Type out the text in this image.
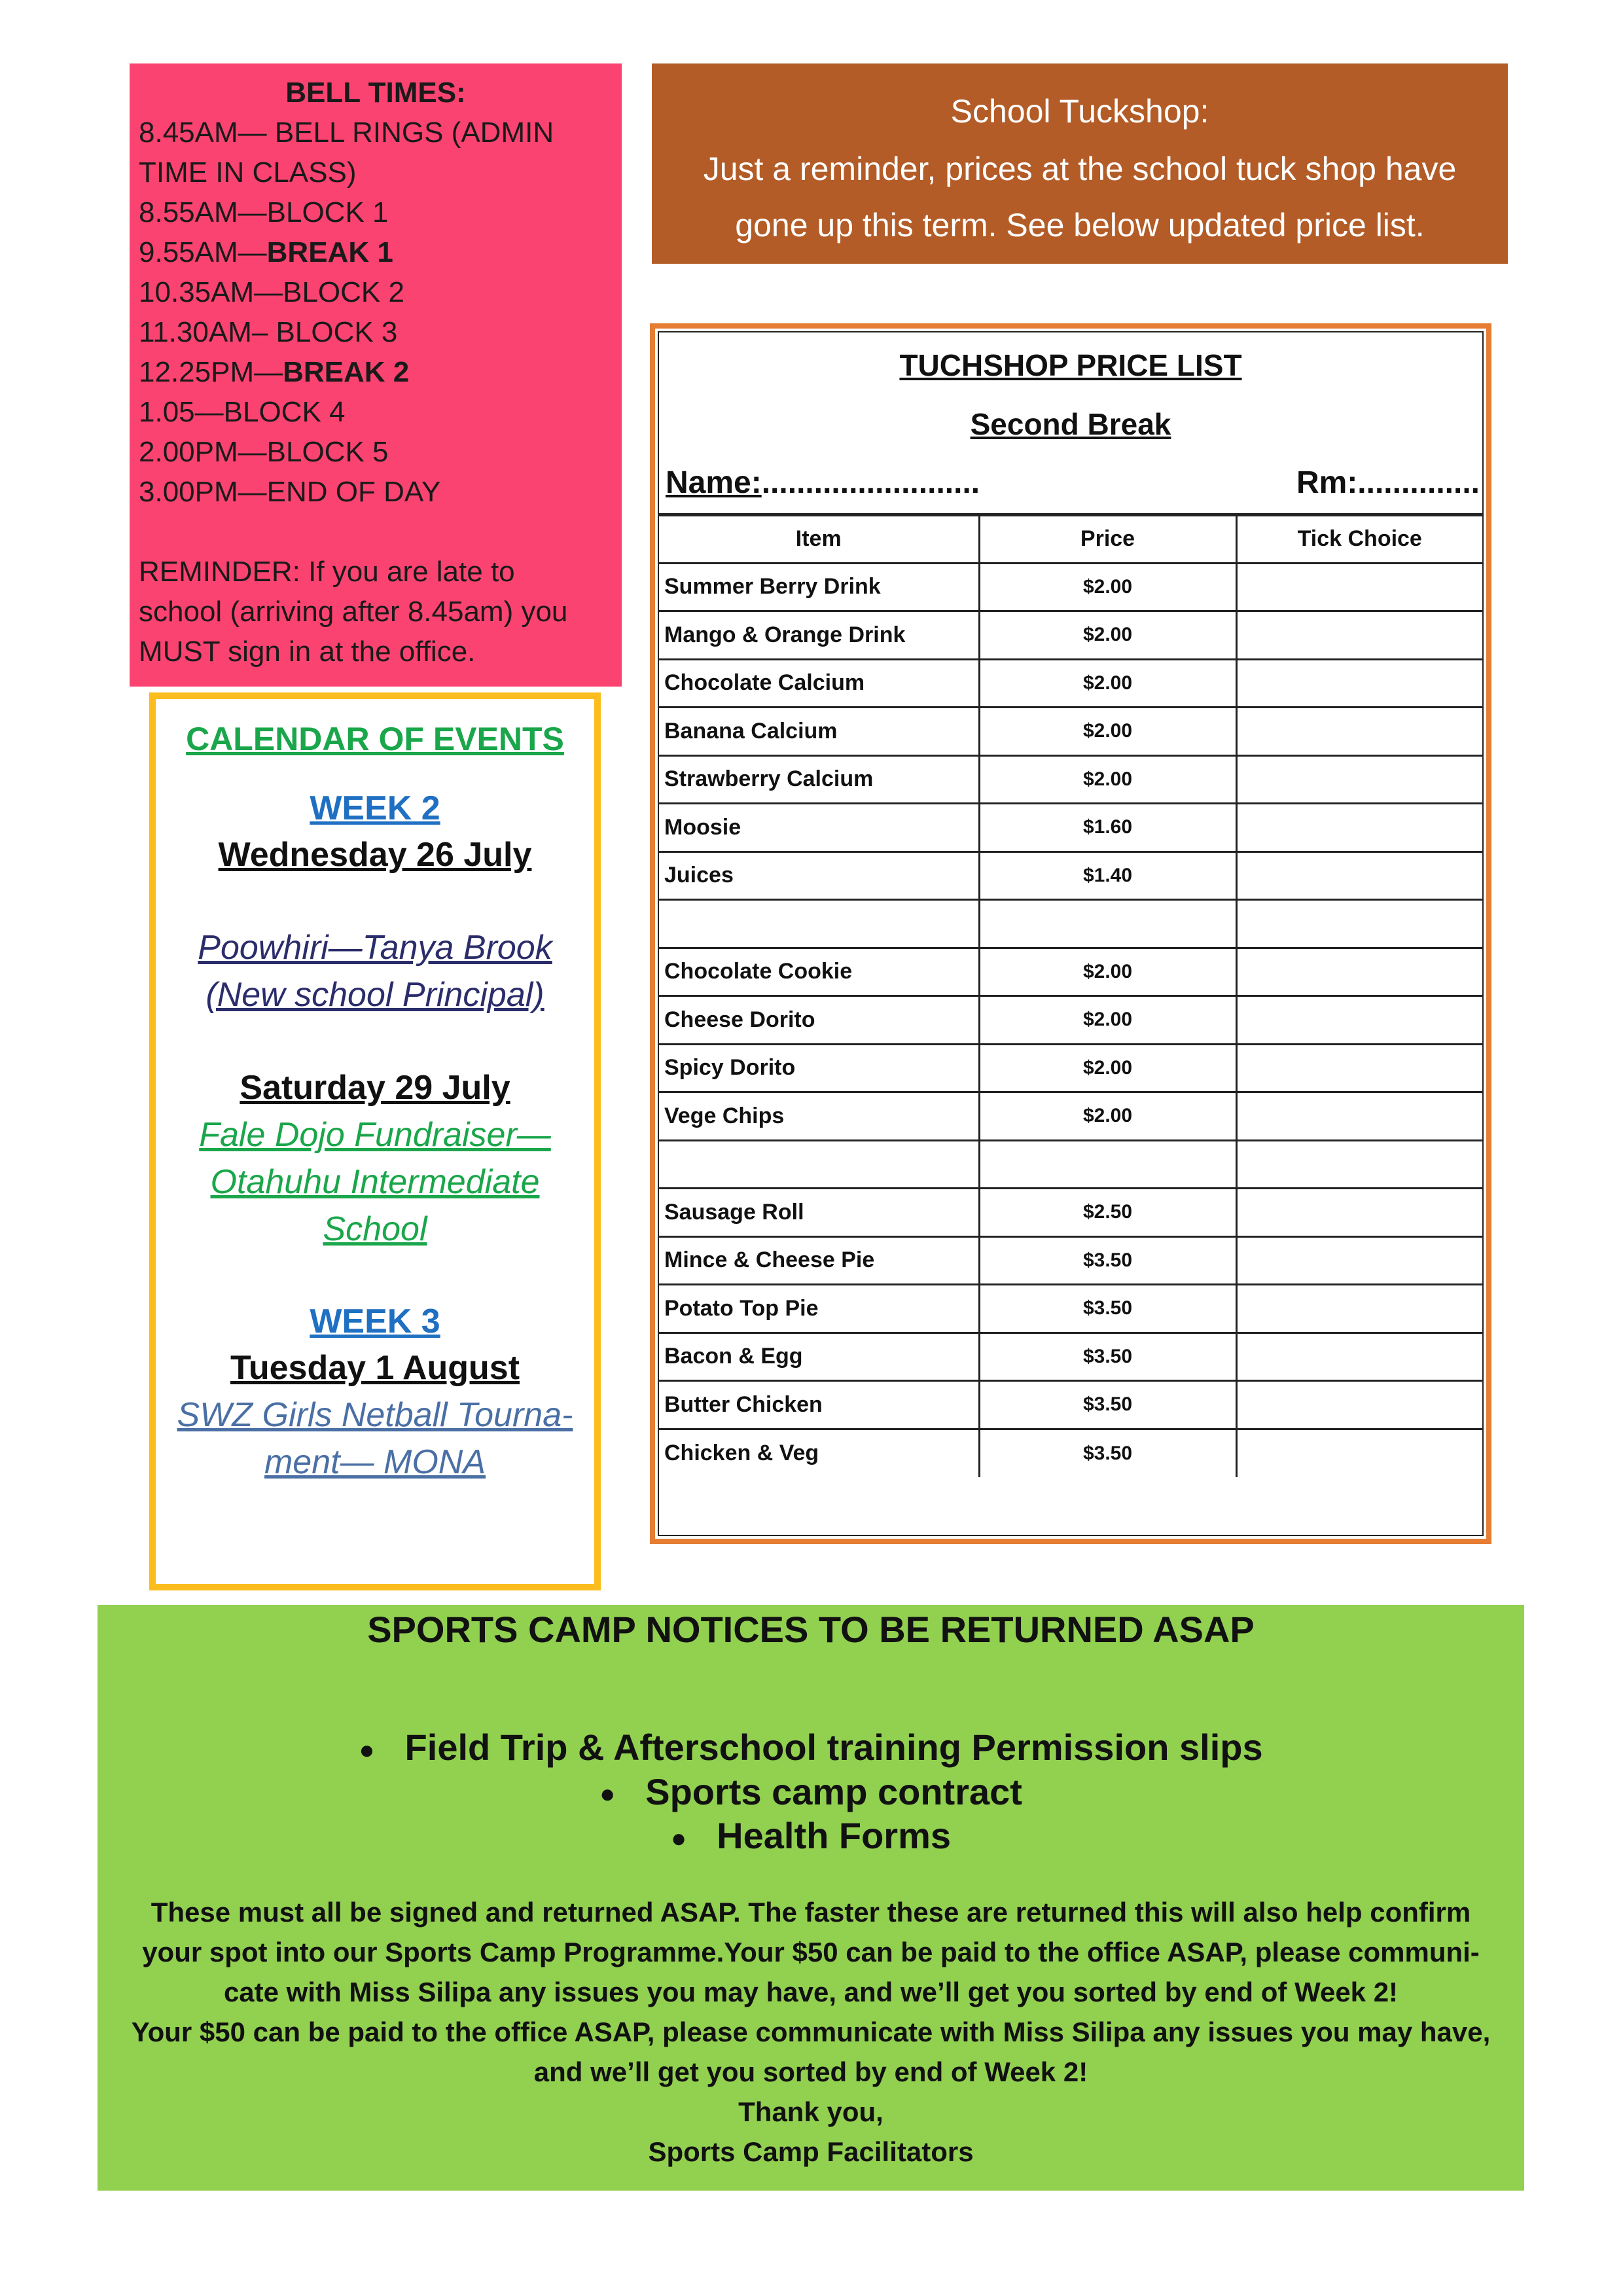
BELL TIMES:
8.45AM— BELL RINGS (ADMIN
TIME IN CLASS)
8.55AM—BLOCK 1
9.55AM—BREAK 1
10.35AM—BLOCK 2
11.30AM– BLOCK 3
12.25PM—BREAK 2
1.05—BLOCK 4
2.00PM—BLOCK 5
3.00PM—END OF DAY
REMINDER: If you are late to
school (arriving after 8.45am) you
MUST sign in at the office.
School Tuckshop:
Just a reminder, prices at the school tuck shop have gone up this term. See below updated price list.
CALENDAR OF EVENTS
WEEK 2
Wednesday 26 July
Poowhiri—Tanya Brook
(New school Principal)
Saturday 29 July
Fale Dojo Fundraiser—
Otahuhu Intermediate
School
WEEK 3
Tuesday 1 August
SWZ Girls Netball Tourna-
ment— MONA
TUCHSHOP PRICE LIST
Second Break
Name:.........................	Rm:..............
Item	Price	Tick Choice
Summer Berry Drink	$2.00	
Mango & Orange Drink	$2.00	
Chocolate Calcium	$2.00	
Banana Calcium	$2.00	
Strawberry Calcium	$2.00	
Moosie	$1.60	
Juices	$1.40	

Chocolate Cookie	$2.00	
Cheese Dorito	$2.00	
Spicy Dorito	$2.00	
Vege Chips	$2.00	

Sausage Roll	$2.50	
Mince & Cheese Pie	$3.50	
Potato Top Pie	$3.50	
Bacon & Egg	$3.50	
Butter Chicken	$3.50	
Chicken & Veg	$3.50	
SPORTS CAMP NOTICES TO BE RETURNED ASAP
● Field Trip & Afterschool training Permission slips
● Sports camp contract
● Health Forms
These must all be signed and returned ASAP. The faster these are returned this will also help confirm
your spot into our Sports Camp Programme.Your $50 can be paid to the office ASAP, please communi-
cate with Miss Silipa any issues you may have, and we’ll get you sorted by end of Week 2!
Your $50 can be paid to the office ASAP, please communicate with Miss Silipa any issues you may have,
and we’ll get you sorted by end of Week 2!
Thank you,
Sports Camp Facilitators
